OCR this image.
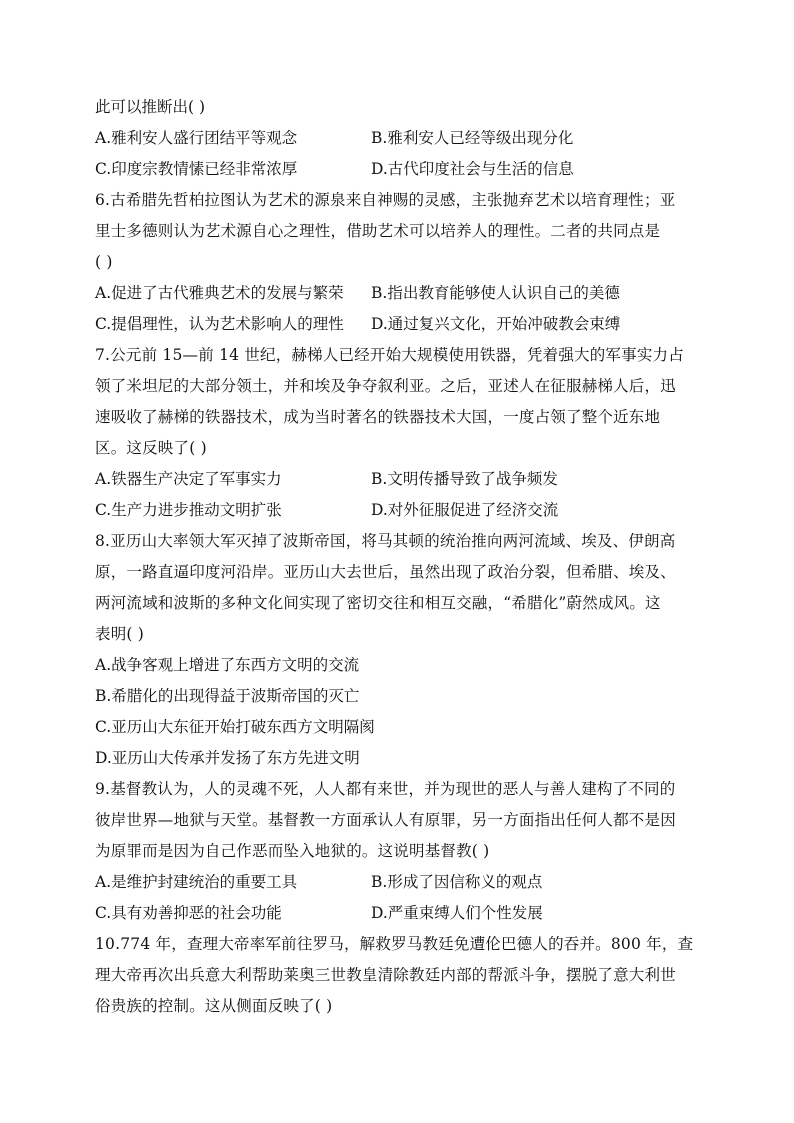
此可以推断出( )
A.雅利安人盛行团结平等观念	B.雅利安人已经等级出现分化
C.印度宗教情愫已经非常浓厚	D.古代印度社会与生活的信息
6.古希腊先哲柏拉图认为艺术的源泉来自神赐的灵感，主张抛弃艺术以培育理性；亚
里士多德则认为艺术源自心之理性，借助艺术可以培养人的理性。二者的共同点是
( )
A.促进了古代雅典艺术的发展与繁荣	B.指出教育能够使人认识自己的美德
C.提倡理性，认为艺术影响人的理性	D.通过复兴文化，开始冲破教会束缚
7.公元前 15—前 14 世纪，赫梯人已经开始大规模使用铁器，凭着强大的军事实力占
领了米坦尼的大部分领土，并和埃及争夺叙利亚。之后，亚述人在征服赫梯人后，迅
速吸收了赫梯的铁器技术，成为当时著名的铁器技术大国，一度占领了整个近东地
区。这反映了( )
A.铁器生产决定了军事实力	B.文明传播导致了战争频发
C.生产力进步推动文明扩张	D.对外征服促进了经济交流
8.亚历山大率领大军灭掉了波斯帝国，将马其顿的统治推向两河流域、埃及、伊朗高
原，一路直逼印度河沿岸。亚历山大去世后，虽然出现了政治分裂，但希腊、埃及、
两河流域和波斯的多种文化间实现了密切交往和相互交融，“希腊化”蔚然成风。这
表明( )
A.战争客观上增进了东西方文明的交流
B.希腊化的出现得益于波斯帝国的灭亡
C.亚历山大东征开始打破东西方文明隔阂
D.亚历山大传承并发扬了东方先进文明
9.基督教认为，人的灵魂不死，人人都有来世，并为现世的恶人与善人建构了不同的
彼岸世界—地狱与天堂。基督教一方面承认人有原罪，另一方面指出任何人都不是因
为原罪而是因为自己作恶而坠入地狱的。这说明基督教( )
A.是维护封建统治的重要工具	B.形成了因信称义的观点
C.具有劝善抑恶的社会功能	D.严重束缚人们个性发展
10.774 年，查理大帝率军前往罗马，解救罗马教廷免遭伦巴德人的吞并。800 年，查
理大帝再次出兵意大利帮助莱奥三世教皇清除教廷内部的帮派斗争，摆脱了意大利世
俗贵族的控制。这从侧面反映了( )
